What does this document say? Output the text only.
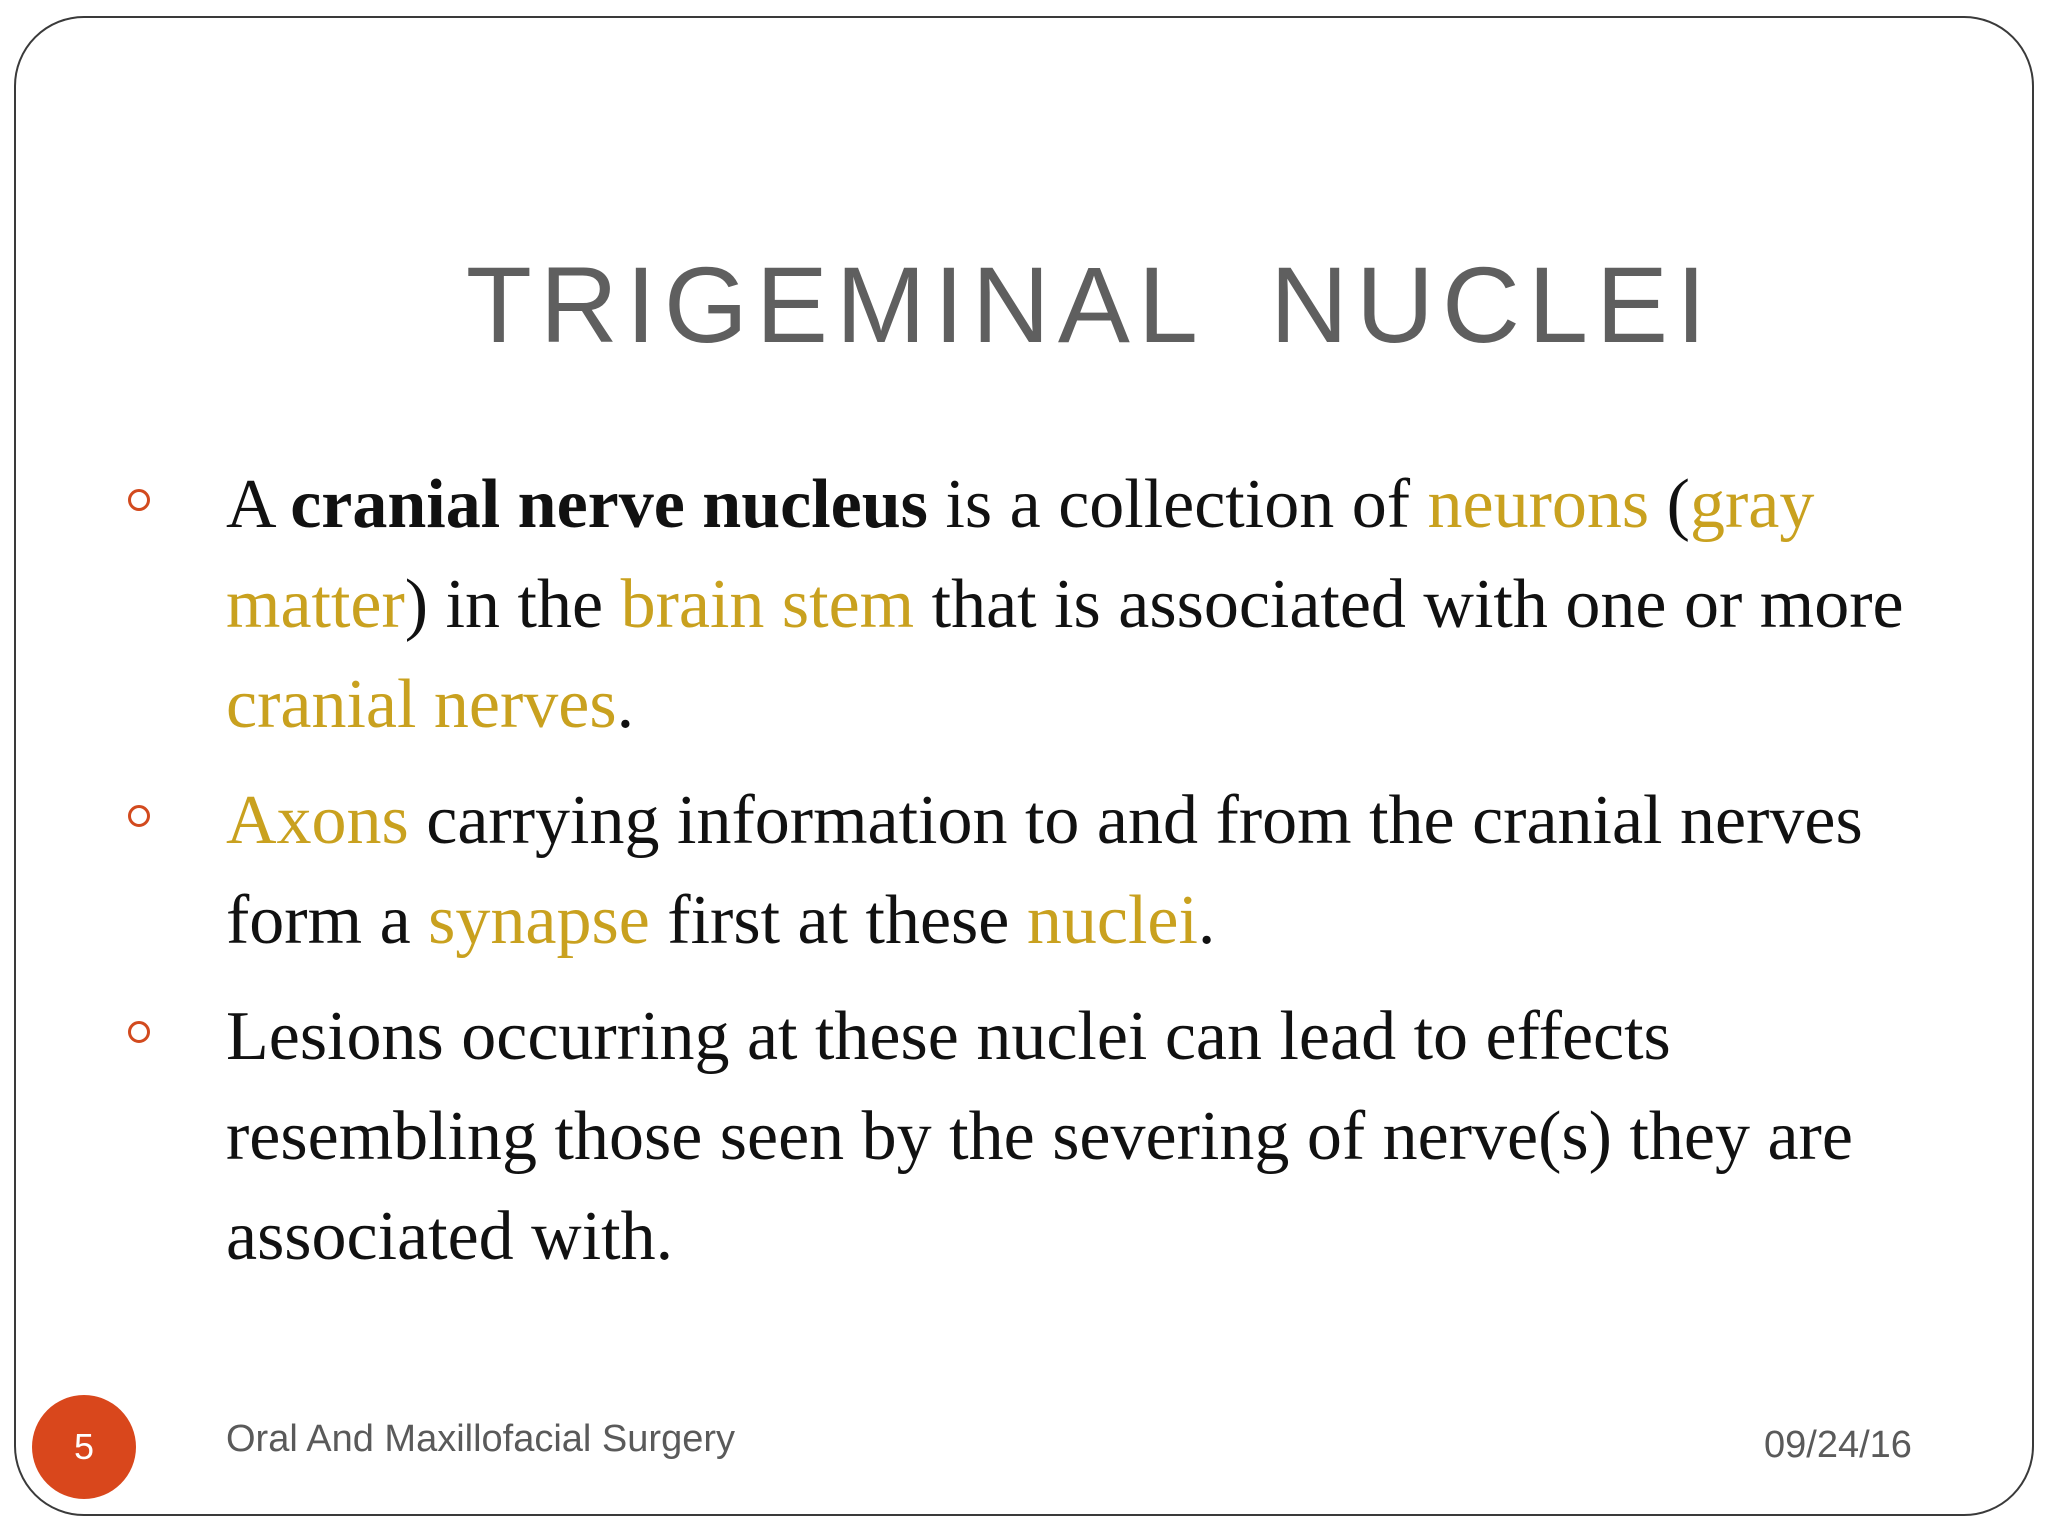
TRIGEMINAL NUCLEI
A cranial nerve nucleus is a collection of neurons (gray matter) in the brain stem that is associated with one or more cranial nerves.
Axons carrying information to and from the cranial nerves form a synapse first at these nuclei.
Lesions occurring at these nuclei can lead to effects resembling those seen by the severing of nerve(s) they are associated with.
5	Oral And Maxillofacial Surgery	09/24/16
